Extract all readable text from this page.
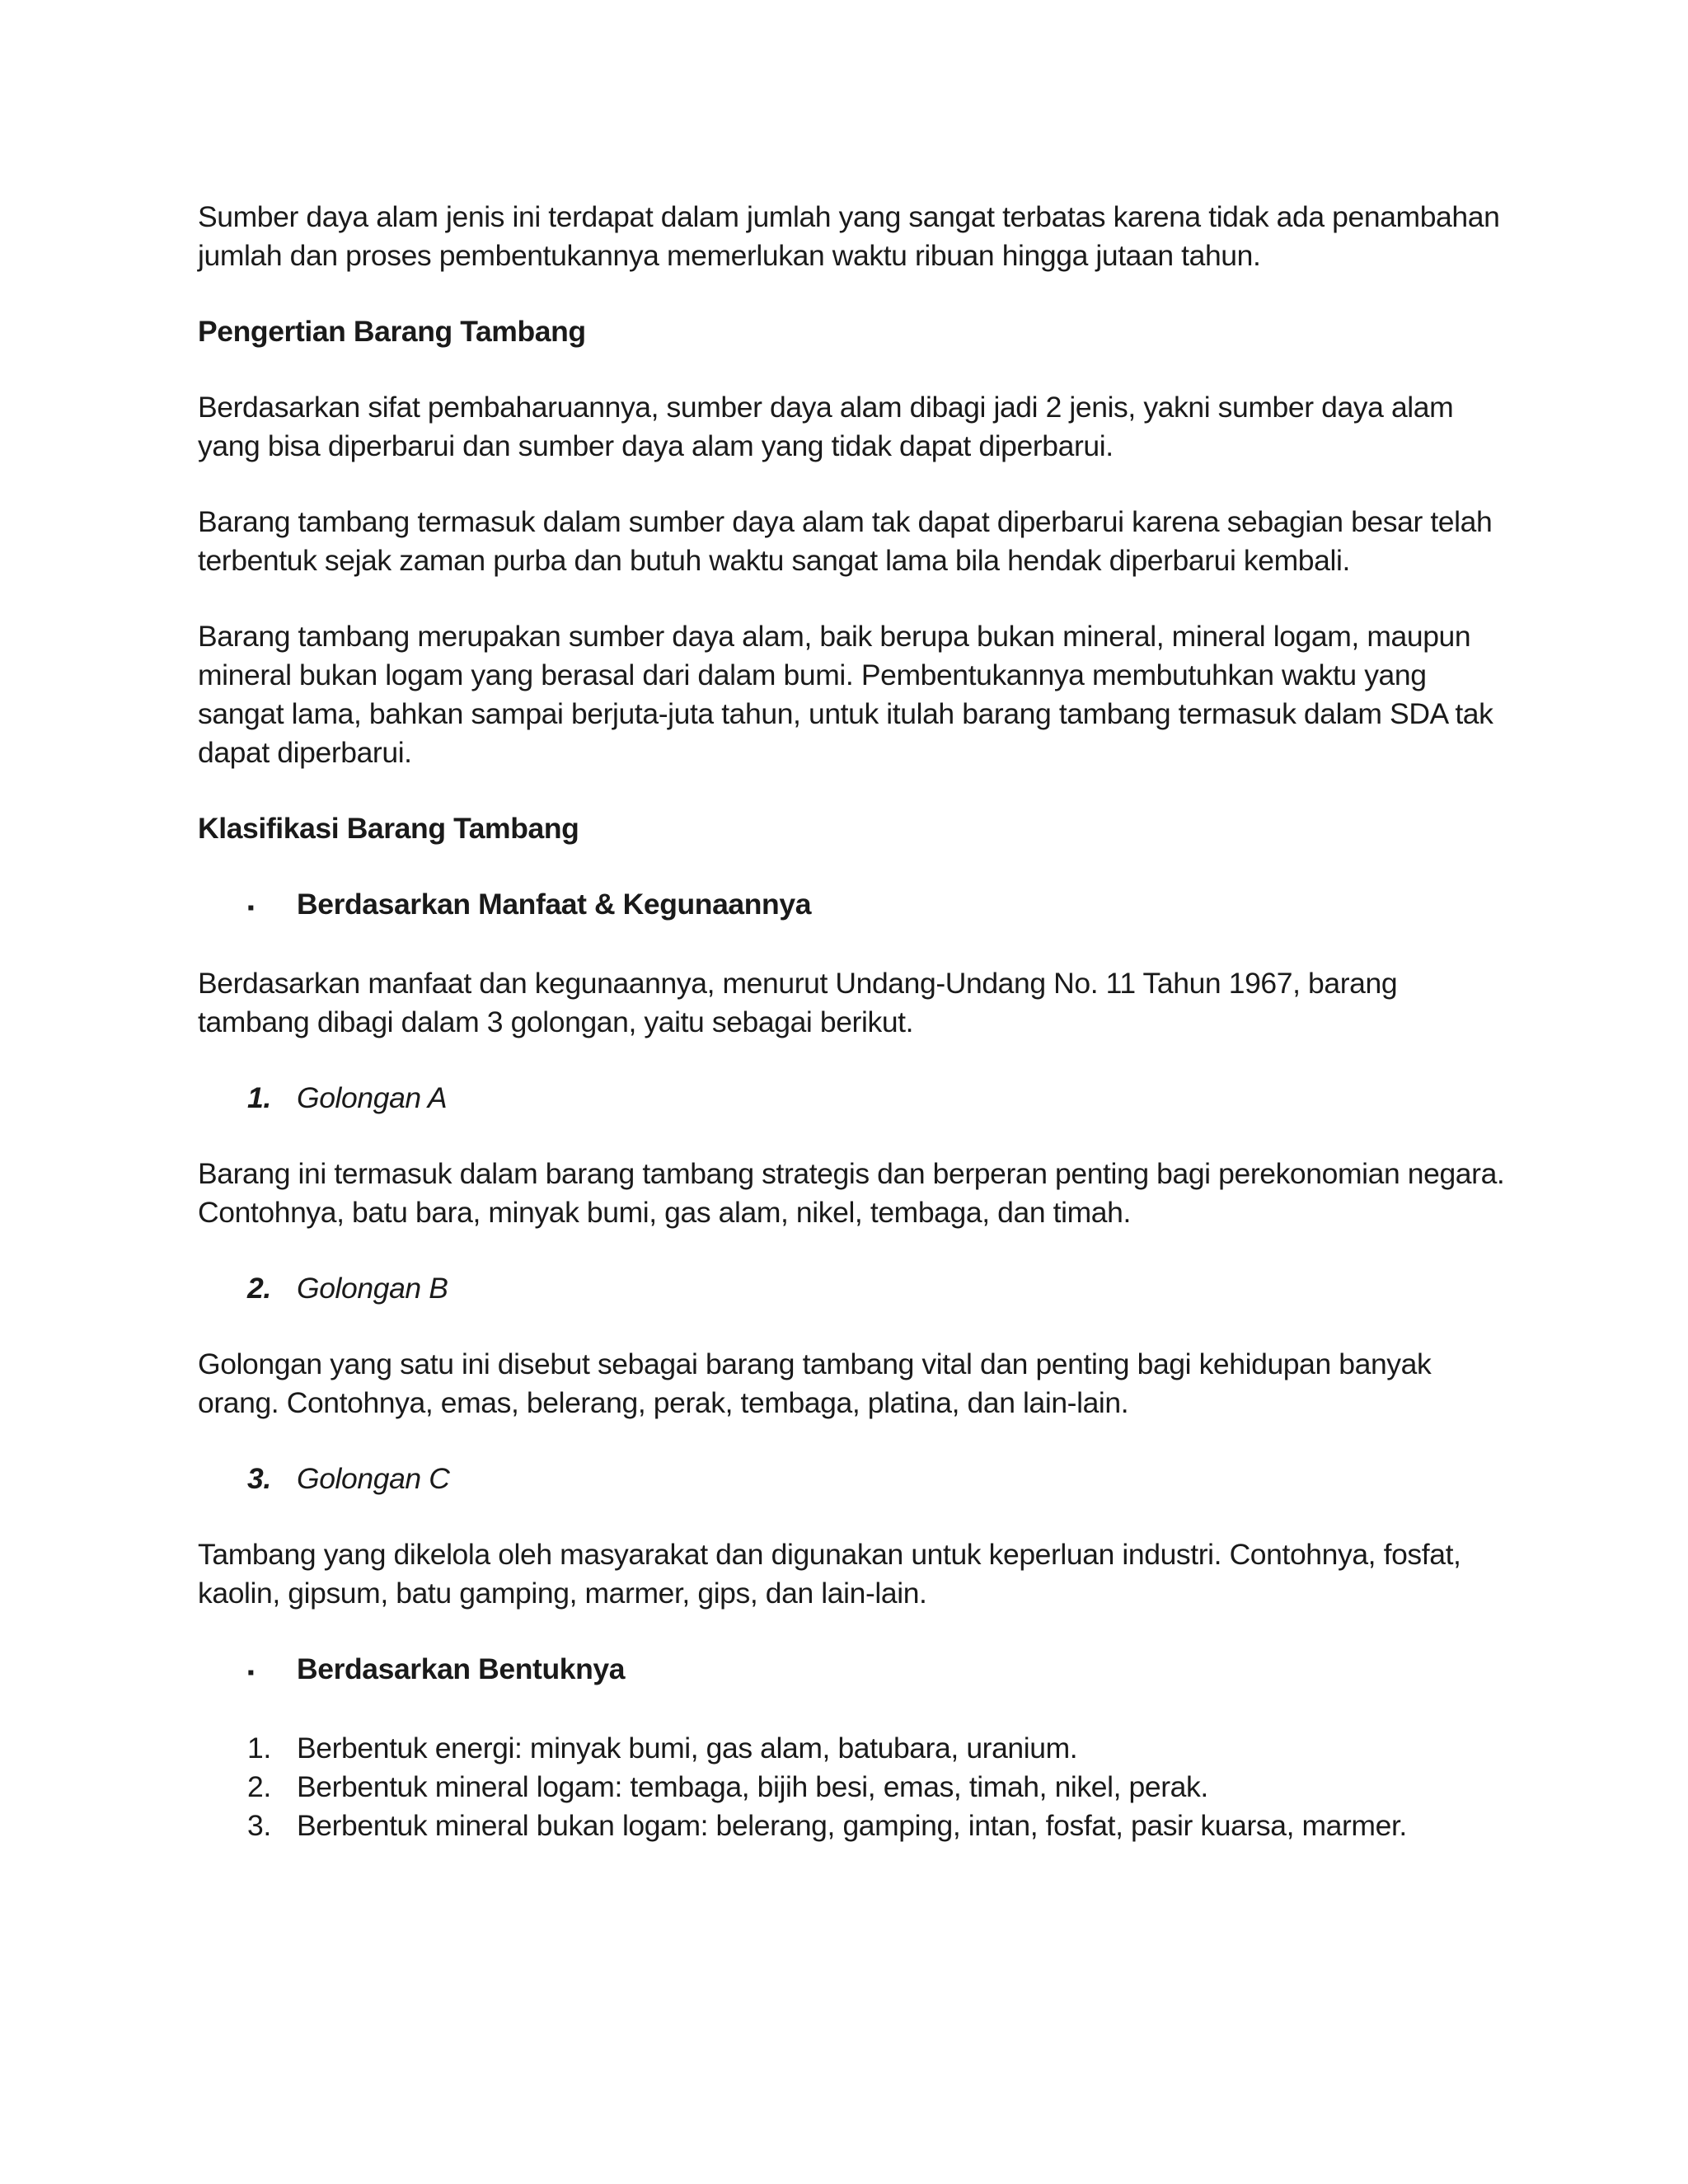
Sumber daya alam jenis ini terdapat dalam jumlah yang sangat terbatas karena tidak ada penambahan jumlah dan proses pembentukannya memerlukan waktu ribuan hingga jutaan tahun.

Pengertian Barang Tambang

Berdasarkan sifat pembaharuannya, sumber daya alam dibagi jadi 2 jenis, yakni sumber daya alam yang bisa diperbarui dan sumber daya alam yang tidak dapat diperbarui.

Barang tambang termasuk dalam sumber daya alam tak dapat diperbarui karena sebagian besar telah terbentuk sejak zaman purba dan butuh waktu sangat lama bila hendak diperbarui kembali.

Barang tambang merupakan sumber daya alam, baik berupa bukan mineral, mineral logam, maupun mineral bukan logam yang berasal dari dalam bumi. Pembentukannya membutuhkan waktu yang sangat lama, bahkan sampai berjuta-juta tahun, untuk itulah barang tambang termasuk dalam SDA tak dapat diperbarui.

Klasifikasi Barang Tambang
▪	Berdasarkan Manfaat & Kegunaannya

Berdasarkan manfaat dan kegunaannya, menurut Undang-Undang No. 11 Tahun 1967, barang tambang dibagi dalam 3 golongan, yaitu sebagai berikut.

1. Golongan A

Barang ini termasuk dalam barang tambang strategis dan berperan penting bagi perekonomian negara. Contohnya, batu bara, minyak bumi, gas alam, nikel, tembaga, dan timah.

2. Golongan B

Golongan yang satu ini disebut sebagai barang tambang vital dan penting bagi kehidupan banyak orang. Contohnya, emas, belerang, perak, tembaga, platina, dan lain-lain.

3. Golongan C

Tambang yang dikelola oleh masyarakat dan digunakan untuk keperluan industri. Contohnya, fosfat, kaolin, gipsum, batu gamping, marmer, gips, dan lain-lain.

▪	Berdasarkan Bentuknya
1. Berbentuk energi: minyak bumi, gas alam, batubara, uranium.
2. Berbentuk mineral logam: tembaga, bijih besi, emas, timah, nikel, perak.
3. Berbentuk mineral bukan logam: belerang, gamping, intan, fosfat, pasir kuarsa, marmer.
